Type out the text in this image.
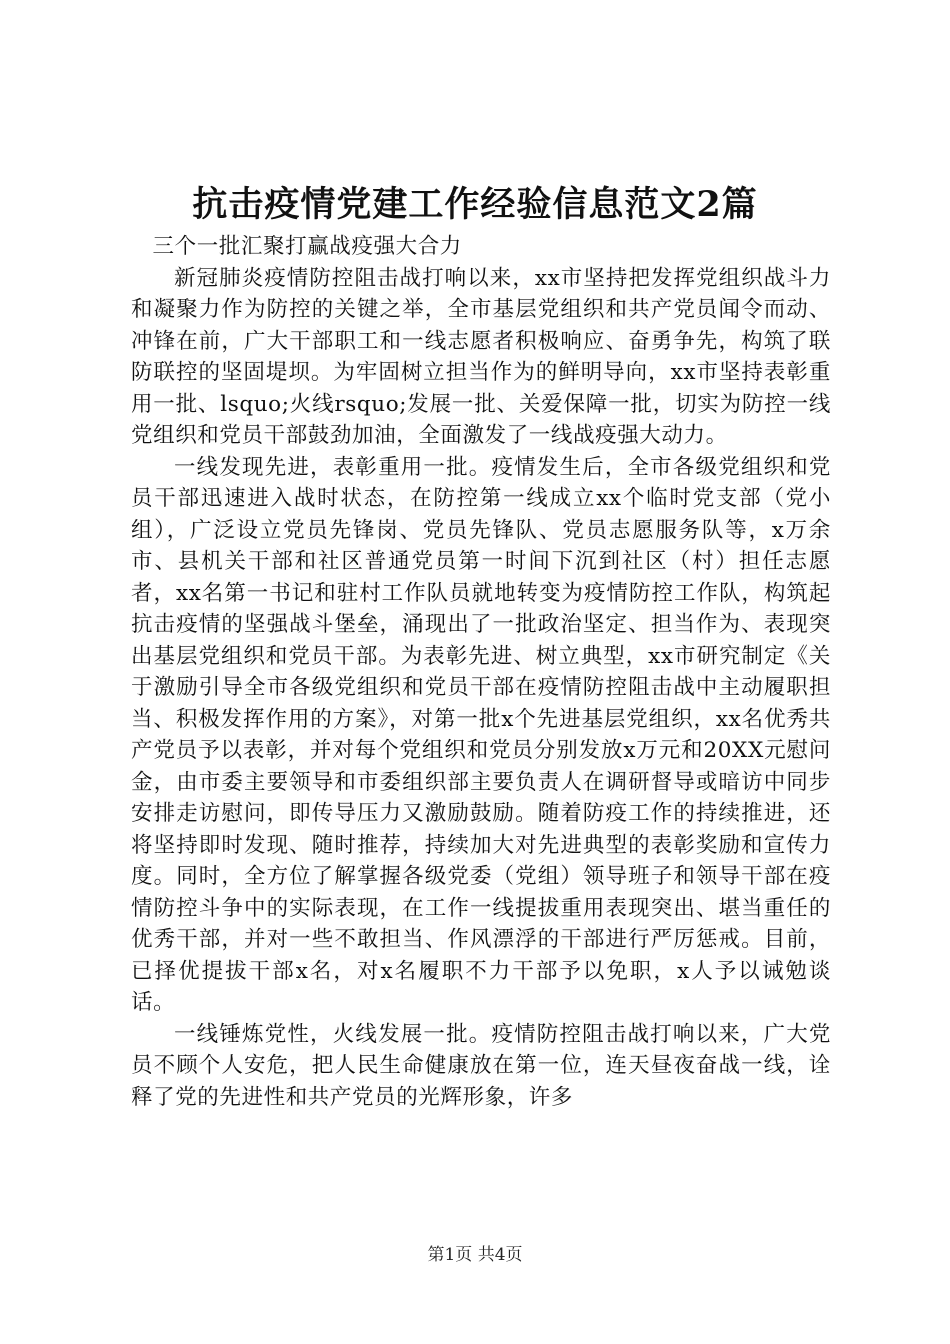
抗击疫情党建工作经验信息范文2篇

三个一批汇聚打赢战疫强大合力

新冠肺炎疫情防控阻击战打响以来，xx市坚持把发挥党组织战斗力和凝聚力作为防控的关键之举，全市基层党组织和共产党员闻令而动、冲锋在前，广大干部职工和一线志愿者积极响应、奋勇争先，构筑了联防联控的坚固堤坝。为牢固树立担当作为的鲜明导向，xx市坚持表彰重用一批、lsquo;火线rsquo;发展一批、关爱保障一批，切实为防控一线党组织和党员干部鼓劲加油，全面激发了一线战疫强大动力。

一线发现先进，表彰重用一批。疫情发生后，全市各级党组织和党员干部迅速进入战时状态，在防控第一线成立xx个临时党支部（党小组），广泛设立党员先锋岗、党员先锋队、党员志愿服务队等，x万余市、县机关干部和社区普通党员第一时间下沉到社区（村）担任志愿者，xx名第一书记和驻村工作队员就地转变为疫情防控工作队，构筑起抗击疫情的坚强战斗堡垒，涌现出了一批政治坚定、担当作为、表现突出基层党组织和党员干部。为表彰先进、树立典型，xx市研究制定《关于激励引导全市各级党组织和党员干部在疫情防控阻击战中主动履职担当、积极发挥作用的方案》，对第一批x个先进基层党组织，xx名优秀共产党员予以表彰，并对每个党组织和党员分别发放x万元和20XX元慰问金，由市委主要领导和市委组织部主要负责人在调研督导或暗访中同步安排走访慰问，即传导压力又激励鼓励。随着防疫工作的持续推进，还将坚持即时发现、随时推荐，持续加大对先进典型的表彰奖励和宣传力度。同时，全方位了解掌握各级党委（党组）领导班子和领导干部在疫情防控斗争中的实际表现，在工作一线提拔重用表现突出、堪当重任的优秀干部，并对一些不敢担当、作风漂浮的干部进行严厉惩戒。目前，已择优提拔干部x名，对x名履职不力干部予以免职，x人予以诫勉谈话。

一线锤炼党性，火线发展一批。疫情防控阻击战打响以来，广大党员不顾个人安危，把人民生命健康放在第一位，连天昼夜奋战一线，诠释了党的先进性和共产党员的光辉形象，许多

第1页 共4页
